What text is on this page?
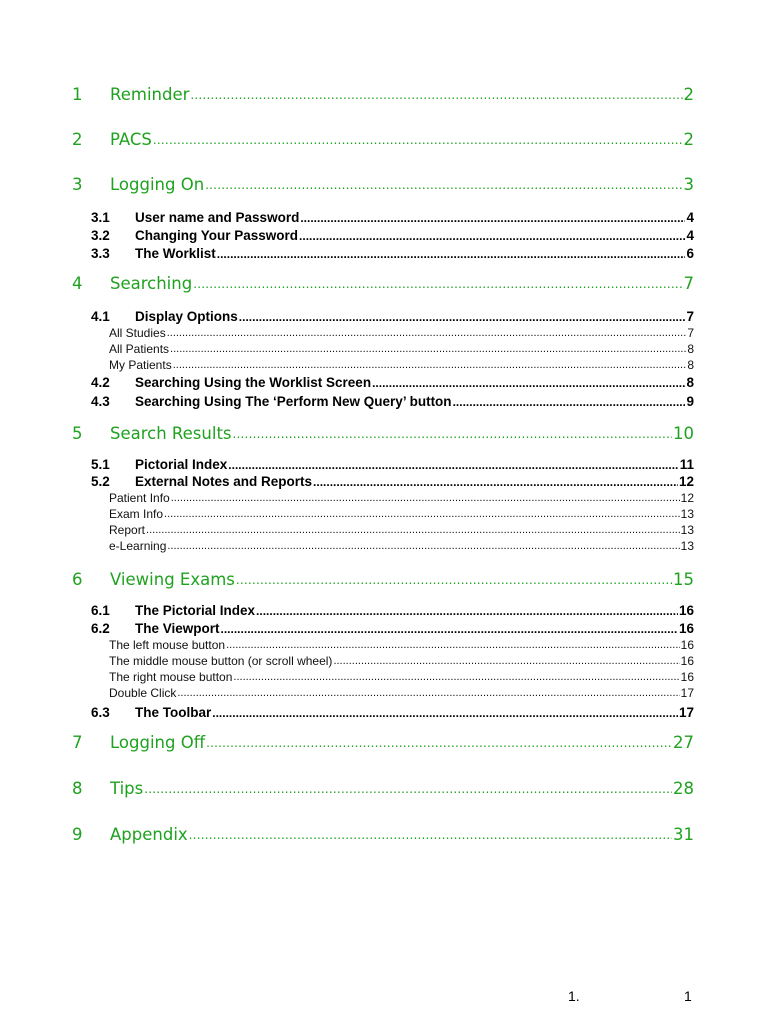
1	Reminder .....	2
2	PACS .....	2
3	Logging On .....	3
3.1	User name and Password .....	4
3.2	Changing Your Password .....	4
3.3	The Worklist .....	6
4	Searching .....	7
4.1	Display Options .....	7
All Studies .....	7
All Patients .....	8
My Patients .....	8
4.2	Searching Using the Worklist Screen .....	8
4.3	Searching Using The ‘Perform New Query’ button .....	9
5	Search Results .....	10
5.1	Pictorial Index .....	11
5.2	External Notes and Reports .....	12
Patient Info .....	12
Exam Info .....	13
Report .....	13
e-Learning .....	13
6	Viewing Exams .....	15
6.1	The Pictorial Index .....	16
6.2	The Viewport .....	16
The left mouse button .....	16
The middle mouse button (or scroll wheel) .....	16
The right mouse button .....	16
Double Click .....	17
6.3	The Toolbar .....	17
7	Logging Off .....	27
8	Tips .....	28
9	Appendix .....	31
1.	1
